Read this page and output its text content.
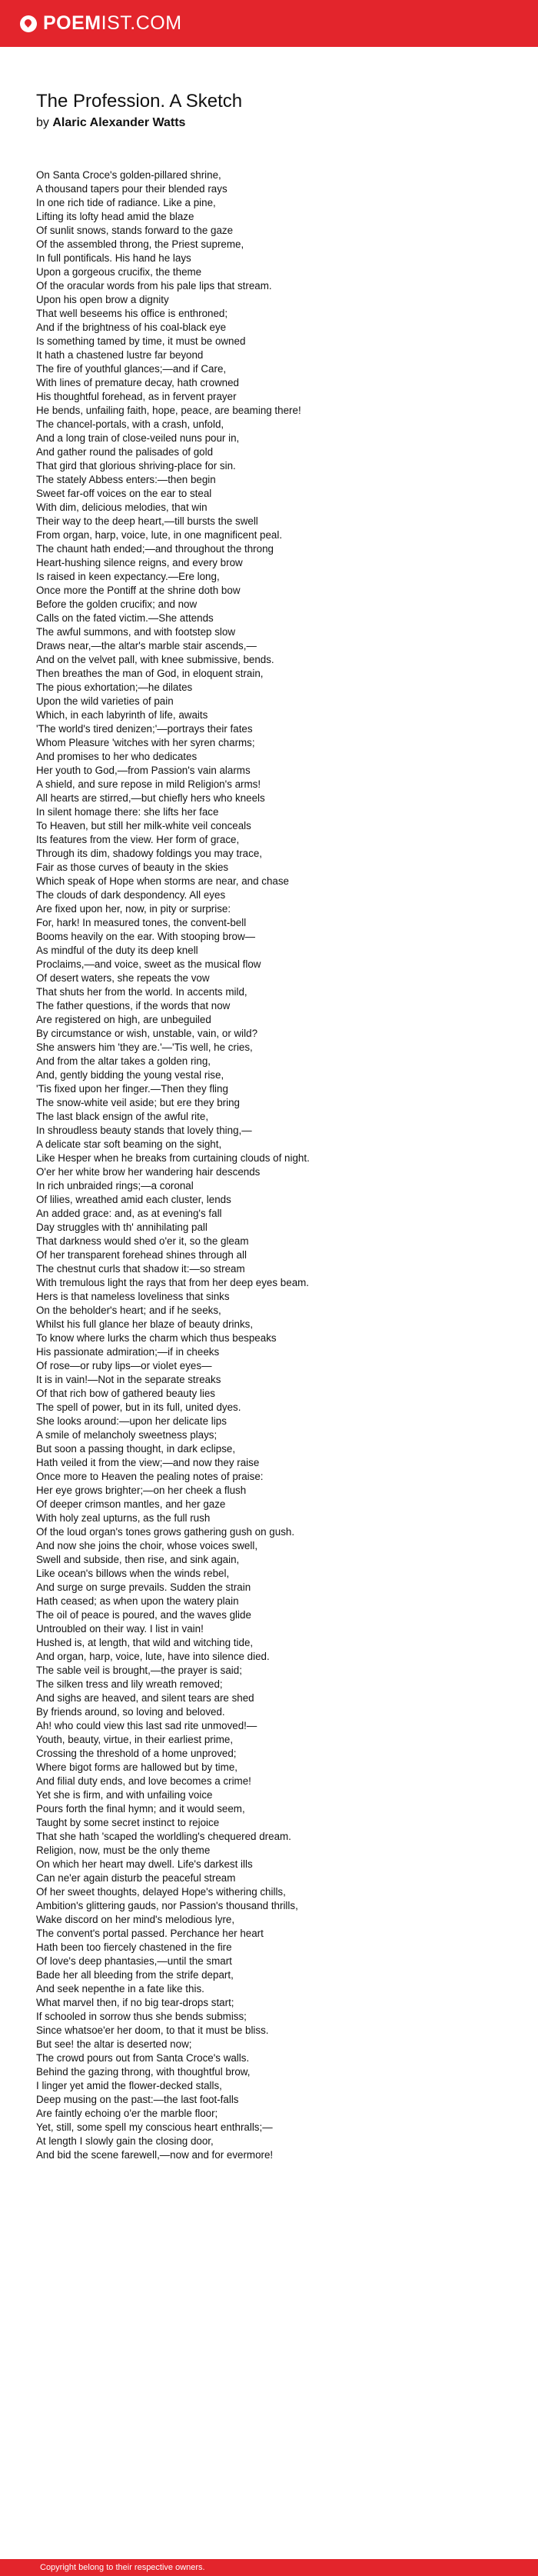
POEM IST.COM
The Profession. A Sketch
by Alaric Alexander Watts
On Santa Croce's golden-pillared shrine,
A thousand tapers pour their blended rays
In one rich tide of radiance. Like a pine,
Lifting its lofty head amid the blaze
Of sunlit snows, stands forward to the gaze
Of the assembled throng, the Priest supreme,
In full pontificals. His hand he lays
Upon a gorgeous crucifix, the theme
Of the oracular words from his pale lips that stream.
Upon his open brow a dignity
That well beseems his office is enthroned;
And if the brightness of his coal-black eye
Is something tamed by time, it must be owned
It hath a chastened lustre far beyond
The fire of youthful glances;—and if Care,
With lines of premature decay, hath crowned
His thoughtful forehead, as in fervent prayer
He bends, unfailing faith, hope, peace, are beaming there!
The chancel-portals, with a crash, unfold,
And a long train of close-veiled nuns pour in,
And gather round the palisades of gold
That gird that glorious shriving-place for sin.
The stately Abbess enters:—then begin
Sweet far-off voices on the ear to steal
With dim, delicious melodies, that win
Their way to the deep heart,—till bursts the swell
From organ, harp, voice, lute, in one magnificent peal.
The chaunt hath ended;—and throughout the throng
Heart-hushing silence reigns, and every brow
Is raised in keen expectancy.—Ere long,
Once more the Pontiff at the shrine doth bow
Before the golden crucifix; and now
Calls on the fated victim.—She attends
The awful summons, and with footstep slow
Draws near,—the altar's marble stair ascends,—
And on the velvet pall, with knee submissive, bends.
Then breathes the man of God, in eloquent strain,
The pious exhortation;—he dilates
Upon the wild varieties of pain
Which, in each labyrinth of life, awaits
'The world's tired denizen;'—portrays their fates
Whom Pleasure 'witches with her syren charms;
And promises to her who dedicates
Her youth to God,—from Passion's vain alarms
A shield, and sure repose in mild Religion's arms!
All hearts are stirred,—but chiefly hers who kneels
In silent homage there: she lifts her face
To Heaven, but still her milk-white veil conceals
Its features from the view. Her form of grace,
Through its dim, shadowy foldings you may trace,
Fair as those curves of beauty in the skies
Which speak of Hope when storms are near, and chase
The clouds of dark despondency. All eyes
Are fixed upon her, now, in pity or surprise:
For, hark! In measured tones, the convent-bell
Booms heavily on the ear. With stooping brow—
As mindful of the duty its deep knell
Proclaims,—and voice, sweet as the musical flow
Of desert waters, she repeats the vow
That shuts her from the world. In accents mild,
The father questions, if the words that now
Are registered on high, are unbeguiled
By circumstance or wish, unstable, vain, or wild?
She answers him 'they are.'—'Tis well, he cries,
And from the altar takes a golden ring,
And, gently bidding the young vestal rise,
'Tis fixed upon her finger.—Then they fling
The snow-white veil aside; but ere they bring
The last black ensign of the awful rite,
In shroudless beauty stands that lovely thing,—
A delicate star soft beaming on the sight,
Like Hesper when he breaks from curtaining clouds of night.
O'er her white brow her wandering hair descends
In rich unbraided rings;—a coronal
Of lilies, wreathed amid each cluster, lends
An added grace: and, as at evening's fall
Day struggles with th' annihilating pall
That darkness would shed o'er it, so the gleam
Of her transparent forehead shines through all
The chestnut curls that shadow it:—so stream
With tremulous light the rays that from her deep eyes beam.
Hers is that nameless loveliness that sinks
On the beholder's heart; and if he seeks,
Whilst his full glance her blaze of beauty drinks,
To know where lurks the charm which thus bespeaks
His passionate admiration;—if in cheeks
Of rose—or ruby lips—or violet eyes—
It is in vain!—Not in the separate streaks
Of that rich bow of gathered beauty lies
The spell of power, but in its full, united dyes.
She looks around:—upon her delicate lips
A smile of melancholy sweetness plays;
But soon a passing thought, in dark eclipse,
Hath veiled it from the view;—and now they raise
Once more to Heaven the pealing notes of praise:
Her eye grows brighter;—on her cheek a flush
Of deeper crimson mantles, and her gaze
With holy zeal upturns, as the full rush
Of the loud organ's tones grows gathering gush on gush.
And now she joins the choir, whose voices swell,
Swell and subside, then rise, and sink again,
Like ocean's billows when the winds rebel,
And surge on surge prevails. Sudden the strain
Hath ceased; as when upon the watery plain
The oil of peace is poured, and the waves glide
Untroubled on their way. I list in vain!
Hushed is, at length, that wild and witching tide,
And organ, harp, voice, lute, have into silence died.
The sable veil is brought,—the prayer is said;
The silken tress and lily wreath removed;
And sighs are heaved, and silent tears are shed
By friends around, so loving and beloved.
Ah! who could view this last sad rite unmoved!—
Youth, beauty, virtue, in their earliest prime,
Crossing the threshold of a home unproved;
Where bigot forms are hallowed but by time,
And filial duty ends, and love becomes a crime!
Yet she is firm, and with unfailing voice
Pours forth the final hymn; and it would seem,
Taught by some secret instinct to rejoice
That she hath 'scaped the worldling's chequered dream.
Religion, now, must be the only theme
On which her heart may dwell. Life's darkest ills
Can ne'er again disturb the peaceful stream
Of her sweet thoughts, delayed Hope's withering chills,
Ambition's glittering gauds, nor Passion's thousand thrills,
Wake discord on her mind's melodious lyre,
The convent's portal passed. Perchance her heart
Hath been too fiercely chastened in the fire
Of love's deep phantasies,—until the smart
Bade her all bleeding from the strife depart,
And seek nepenthe in a fate like this.
What marvel then, if no big tear-drops start;
If schooled in sorrow thus she bends submiss;
Since whatsoe'er her doom, to that it must be bliss.
But see! the altar is deserted now;
The crowd pours out from Santa Croce's walls.
Behind the gazing throng, with thoughtful brow,
I linger yet amid the flower-decked stalls,
Deep musing on the past:—the last foot-falls
Are faintly echoing o'er the marble floor;
Yet, still, some spell my conscious heart enthralls;—
At length I slowly gain the closing door,
And bid the scene farewell,—now and for evermore!
Copyright belong to their respective owners.
